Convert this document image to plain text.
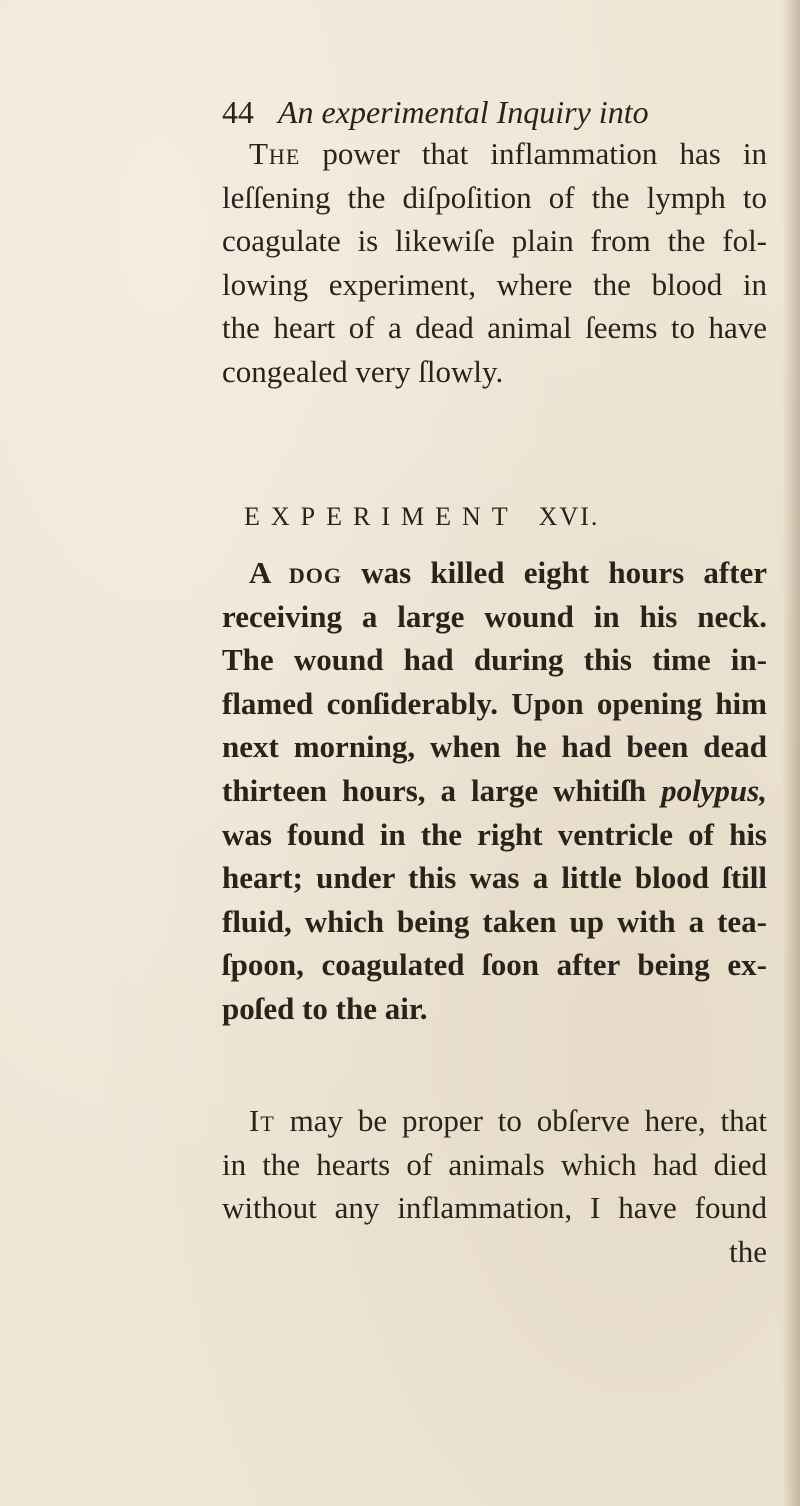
44 An experimental Inquiry into
The power that inflammation has in
leſſening the diſpoſition of the lymph to
coagulate is likewiſe plain from the fol-
lowing experiment, where the blood in
the heart of a dead animal ſeems to have
congealed very ſlowly.
EXPERIMENT XVI.
A dog was killed eight hours after
receiving a large wound in his neck.
The wound had during this time in-
flamed conſiderably. Upon opening him
next morning, when he had been dead
thirteen hours, a large whitiſh polypus,
was found in the right ventricle of his
heart; under this was a little blood ſtill
fluid, which being taken up with a tea-
ſpoon, coagulated ſoon after being ex-
poſed to the air.
It may be proper to obſerve here, that
in the hearts of animals which had died
without any inflammation, I have found
the
